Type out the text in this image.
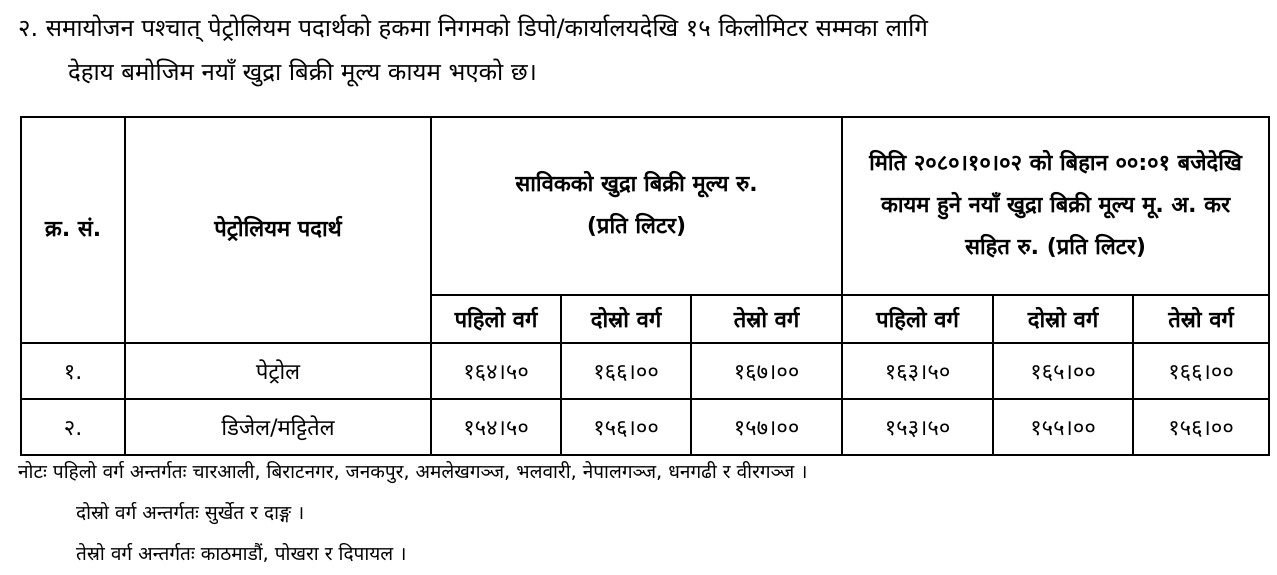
२. समायोजन पश्चात् पेट्रोलियम पदार्थको हकमा निगमको डिपो/कार्यालयदेखि १५ किलोमिटर सम्मका लागि
देहाय बमोजिम नयाँ खुद्रा बिक्री मूल्य कायम भएको छ।
क्र. सं.	पेट्रोलियम पदार्थ	साविकको खुद्रा बिक्री मूल्य रु. (प्रति लिटर)			मिति २०८०।१०।०२ को बिहान ००:०१ बजेदेखि कायम हुने नयाँ खुद्रा बिक्री मूल्य मू. अ. कर सहित रु. (प्रति लिटर)		
		पहिलो वर्ग	दोस्रो वर्ग	तेस्रो वर्ग	पहिलो वर्ग	दोस्रो वर्ग	तेस्रो वर्ग
१.	पेट्रोल	१६४।५०	१६६।००	१६७।००	१६३।५०	१६५।००	१६६।००
२.	डिजेल/मट्टितेल	१५४।५०	१५६।००	१५७।००	१५३।५०	१५५।००	१५६।००
नोटः पहिलो वर्ग अन्तर्गतः चारआली, बिराटनगर, जनकपुर, अमलेखगञ्ज, भलवारी, नेपालगञ्ज, धनगढी र वीरगञ्ज ।
दोस्रो वर्ग अन्तर्गतः सुर्खेत र दाङ्ग ।
तेस्रो वर्ग अन्तर्गतः काठमाडौं, पोखरा र दिपायल ।
